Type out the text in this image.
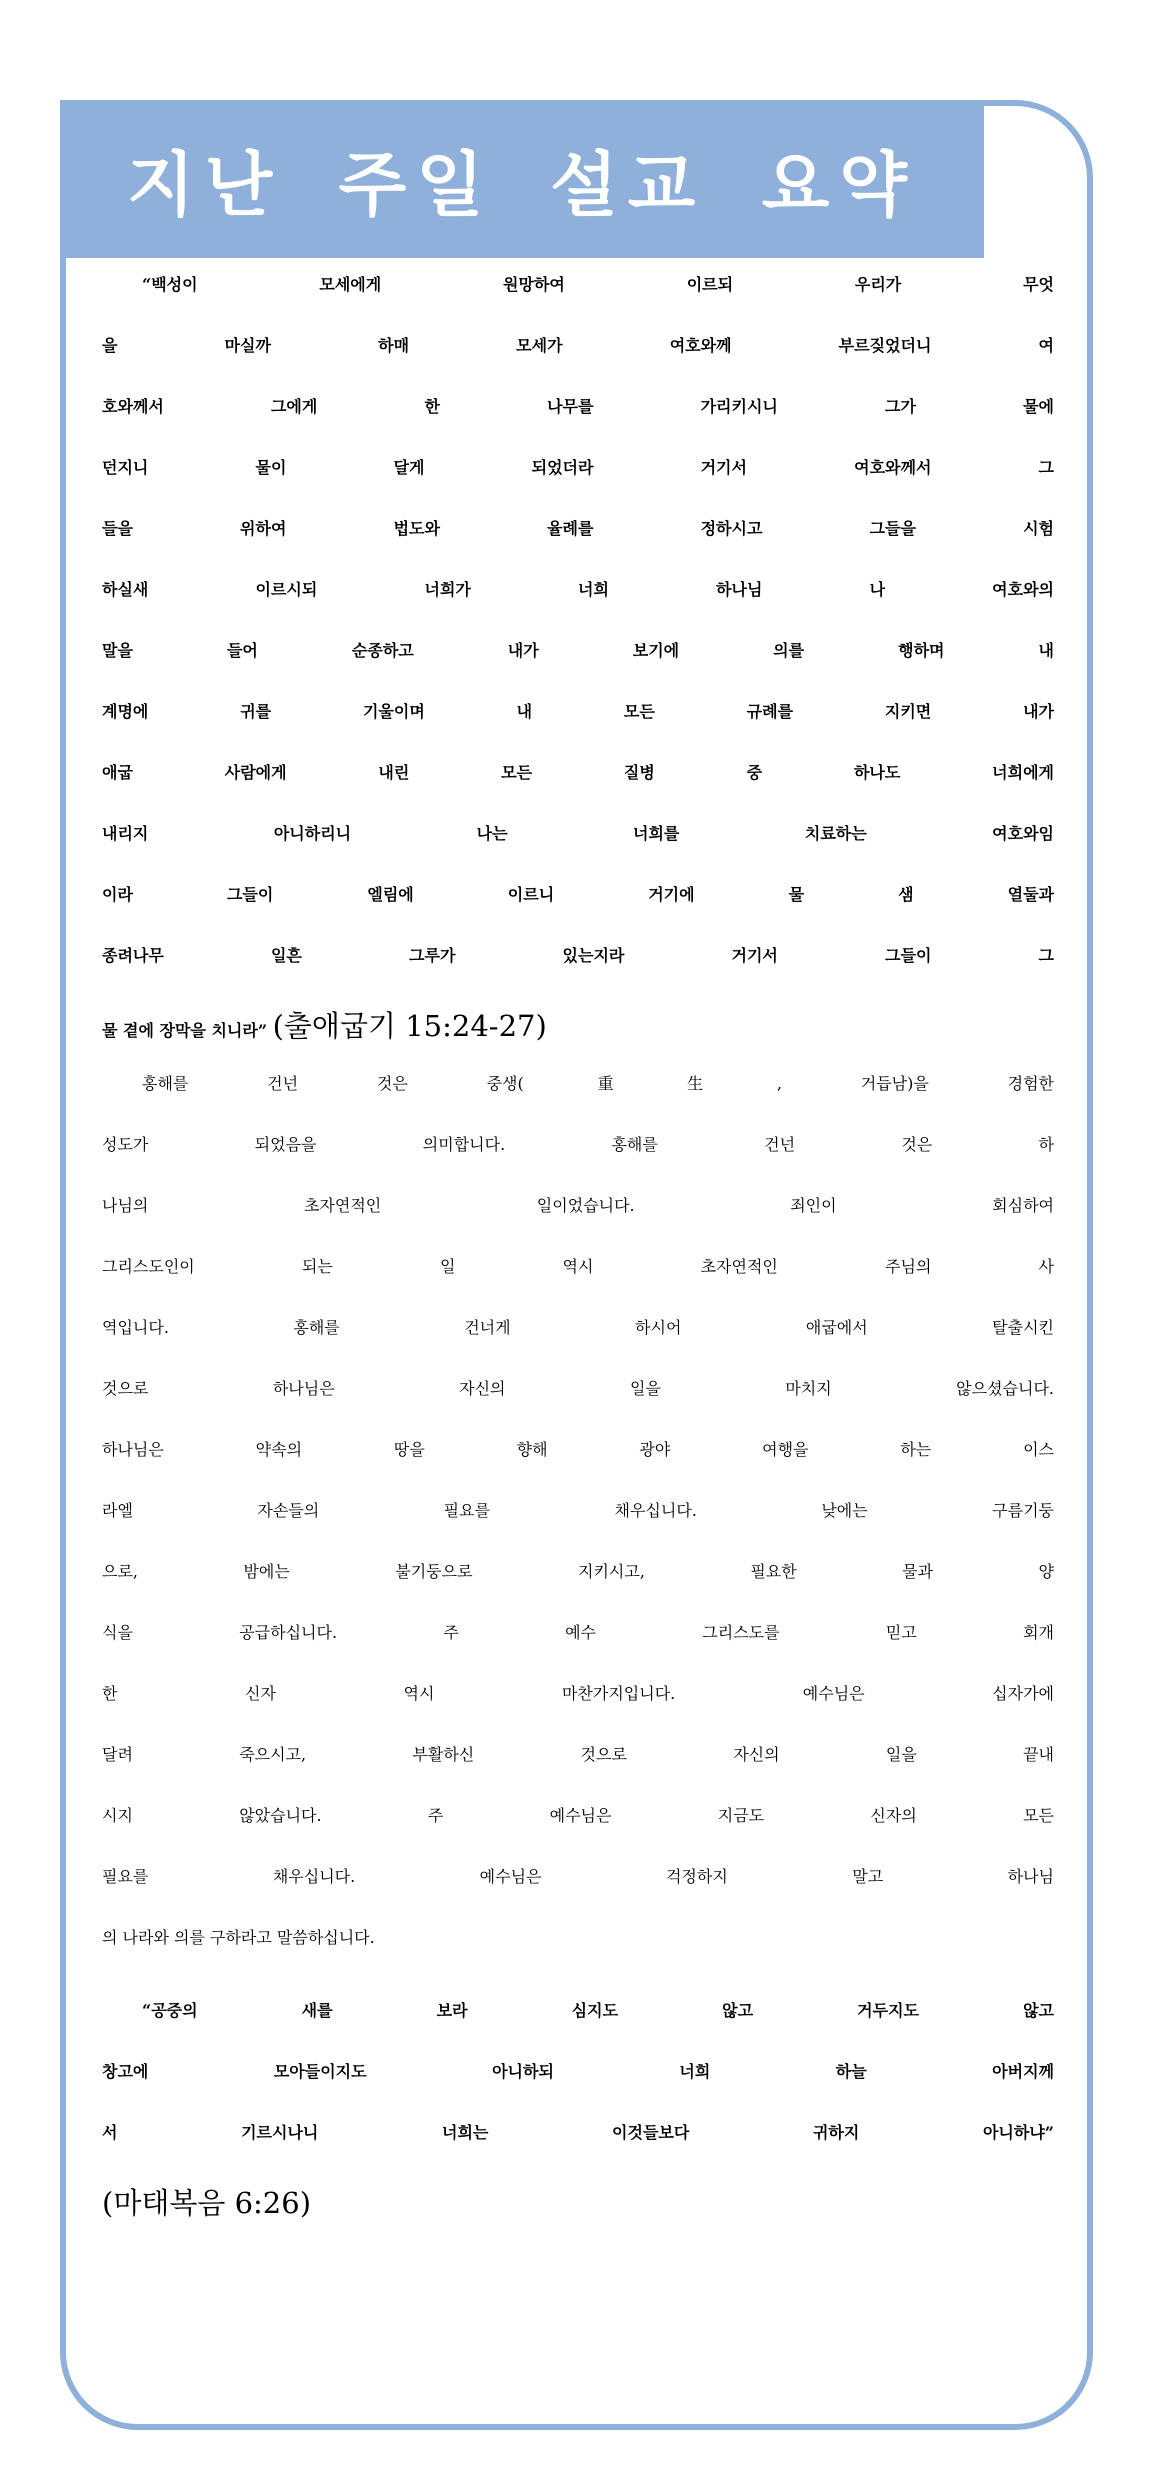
지난 주일 설교 요약
“백성이 모세에게 원망하여 이르되 우리가 무엇
을 마실까 하매 모세가 여호와께 부르짖었더니 여
호와께서 그에게 한 나무를 가리키시니 그가 물에
던지니 물이 달게 되었더라 거기서 여호와께서 그
들을 위하여 법도와 율례를 정하시고 그들을 시험
하실새 이르시되 너희가 너희 하나님 나 여호와의
말을 들어 순종하고 내가 보기에 의를 행하며 내
계명에 귀를 기울이며 내 모든 규례를 지키면 내가
애굽 사람에게 내린 모든 질병 중 하나도 너희에게
내리지 아니하리니 나는 너희를 치료하는 여호와임
이라 그들이 엘림에 이르니 거기에 물 샘 열둘과
종려나무 일흔 그루가 있는지라 거기서 그들이 그
물 곁에 장막을 치니라” (출애굽기 15:24-27)
홍해를 건넌 것은 중생(重生, 거듭남)을 경험한
성도가 되었음을 의미합니다. 홍해를 건넌 것은 하
나님의 초자연적인 일이었습니다. 죄인이 회심하여
그리스도인이 되는 일 역시 초자연적인 주님의 사
역입니다. 홍해를 건너게 하시어 애굽에서 탈출시킨
것으로 하나님은 자신의 일을 마치지 않으셨습니다.
하나님은 약속의 땅을 향해 광야 여행을 하는 이스
라엘 자손들의 필요를 채우십니다. 낮에는 구름기둥
으로, 밤에는 불기둥으로 지키시고, 필요한 물과 양
식을 공급하십니다. 주 예수 그리스도를 믿고 회개
한 신자 역시 마찬가지입니다. 예수님은 십자가에
달려 죽으시고, 부활하신 것으로 자신의 일을 끝내
시지 않았습니다. 주 예수님은 지금도 신자의 모든
필요를 채우십니다. 예수님은 걱정하지 말고 하나님
의 나라와 의를 구하라고 말씀하십니다.
“공중의 새를 보라 심지도 않고 거두지도 않고
창고에 모아들이지도 아니하되 너희 하늘 아버지께
서 기르시나니 너희는 이것들보다 귀하지 아니하냐”
(마태복음 6:26)
